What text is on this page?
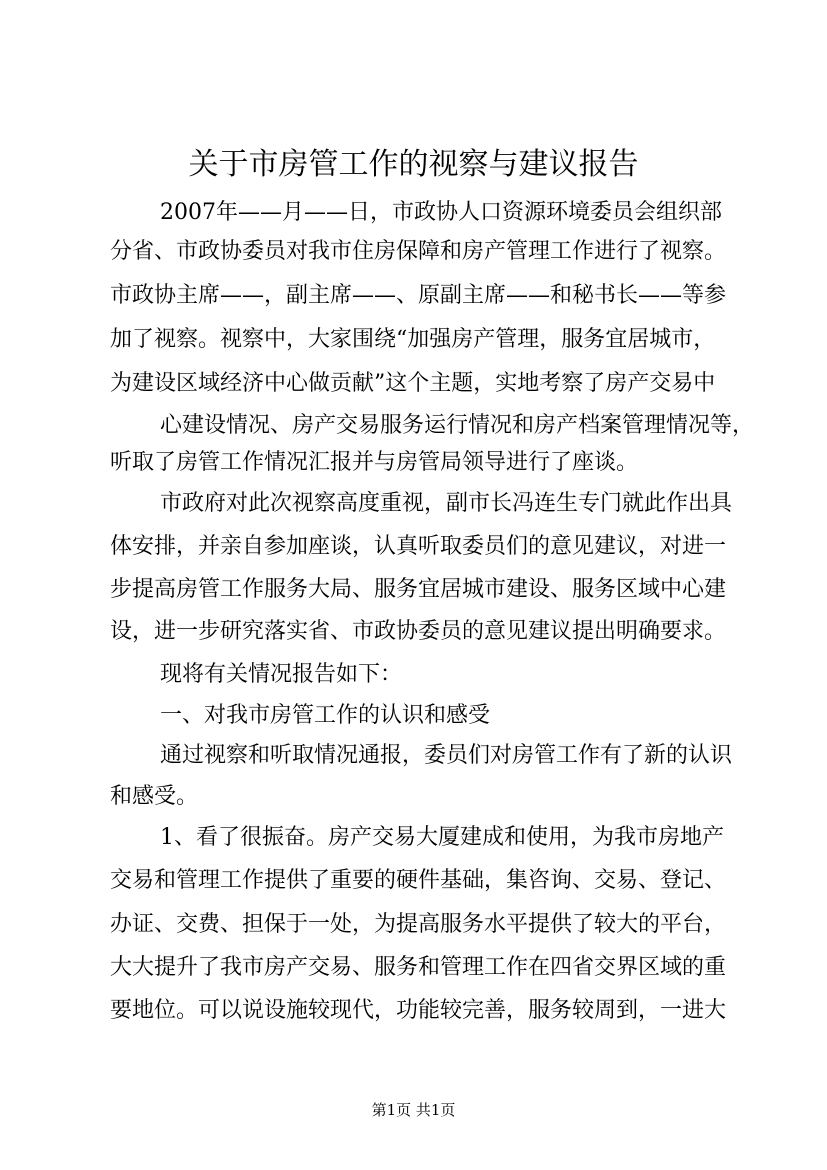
关于市房管工作的视察与建议报告
2007年——月——日，市政协人口资源环境委员会组织部
分省、市政协委员对我市住房保障和房产管理工作进行了视察。
市政协主席——，副主席——、原副主席——和秘书长——等参
加了视察。视察中，大家围绕“加强房产管理，服务宜居城市，
为建设区域经济中心做贡献”这个主题，实地考察了房产交易中
心建设情况、房产交易服务运行情况和房产档案管理情况等，
听取了房管工作情况汇报并与房管局领导进行了座谈。
市政府对此次视察高度重视，副市长冯连生专门就此作出具
体安排，并亲自参加座谈，认真听取委员们的意见建议，对进一
步提高房管工作服务大局、服务宜居城市建设、服务区域中心建
设，进一步研究落实省、市政协委员的意见建议提出明确要求。
现将有关情况报告如下：
一、对我市房管工作的认识和感受
通过视察和听取情况通报，委员们对房管工作有了新的认识
和感受。
1、看了很振奋。房产交易大厦建成和使用，为我市房地产
交易和管理工作提供了重要的硬件基础，集咨询、交易、登记、
办证、交费、担保于一处，为提高服务水平提供了较大的平台，
大大提升了我市房产交易、服务和管理工作在四省交界区域的重
要地位。可以说设施较现代，功能较完善，服务较周到，一进大
第1页 共1页
